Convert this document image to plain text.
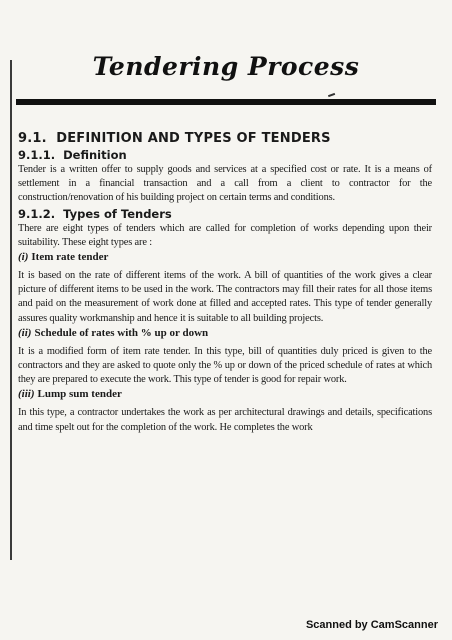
Tendering Process
9.1. DEFINITION AND TYPES OF TENDERS
9.1.1. Definition

Tender is a written offer to supply goods and services at a specified cost or rate. It is a means of settlement in a financial transaction and a call from a client to contractor for the construction/renovation of his building project on certain terms and conditions.

9.1.2. Types of Tenders

There are eight types of tenders which are called for completion of works depending upon their suitability. These eight types are :

(i) Item rate tender

It is based on the rate of different items of the work. A bill of quantities of the work gives a clear picture of different items to be used in the work. The contractors may fill their rates for all those items and paid on the measurement of work done at filled and accepted rates. This type of tender generally assures quality workmanship and hence it is suitable to all building projects.

(ii) Schedule of rates with % up or down

It is a modified form of item rate tender. In this type, bill of quantities duly priced is given to the contractors and they are asked to quote only the % up or down of the priced schedule of rates at which they are prepared to execute the work. This type of tender is good for repair work.

(iii) Lump sum tender

In this type, a contractor undertakes the work as per architectural drawings and details, specifications and time spelt out for the completion of the work. He completes the work

Scanned by CamScanner
